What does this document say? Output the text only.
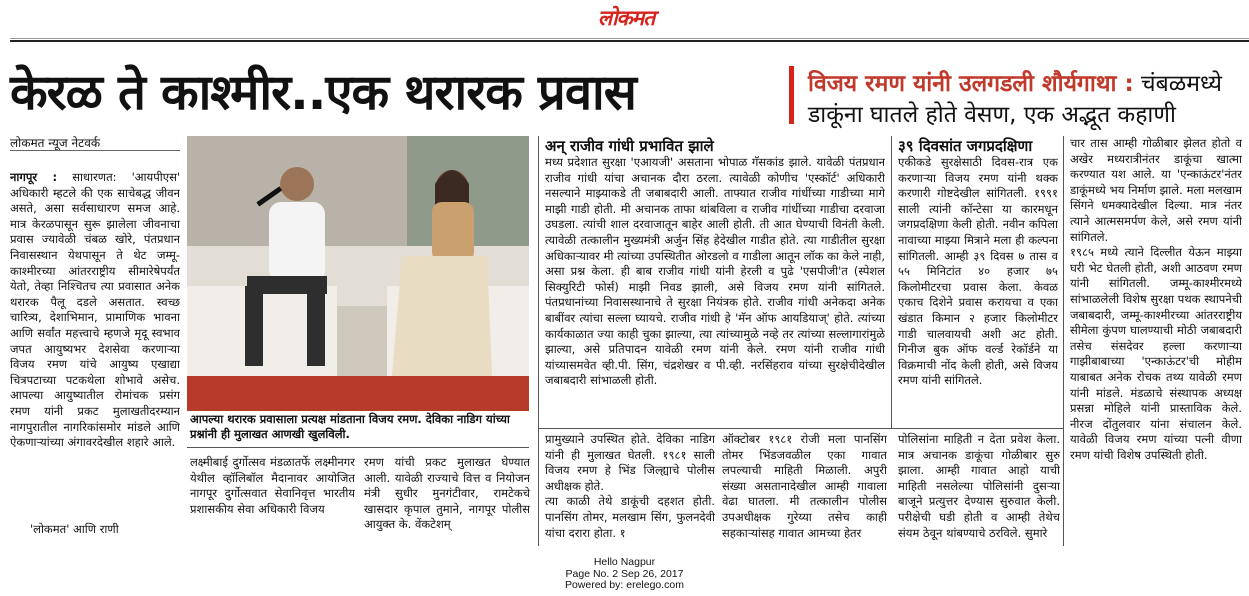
लोकमत
केरळ ते काश्मीर..एक थरारक प्रवास	विजय रमण यांनी उलगडली शौर्यगाथा : चंबळमध्ये
डाकूंना घातले होते वेसण, एक अद्भूत कहाणी
लोकमत न्यूज नेटवर्क
नागपूर : साधारणत: 'आयपीएस' अधिकारी म्हटले की एक साचेबद्ध जीवन असते, असा सर्वसाधारण समज आहे. मात्र केरळपासून सुरू झालेला जीवनाचा प्रवास ज्यावेळी चंबळ खोरे, पंतप्रधान निवासस्थान येथपासून ते थेट जम्मू-काश्मीरच्या आंतरराष्ट्रीय सीमारेषेपर्यंत येतो, तेव्हा निश्चितच त्या प्रवासात अनेक थरारक पैलू दडले असतात. स्वच्छ चारित्र्य, देशाभिमान, प्रामाणिक भावना आणि सर्वांत महत्त्वाचे म्हणजे मृदू स्वभाव जपत आयुष्यभर देशसेवा करणाऱ्या विजय रमण यांचे आयुष्य एखाद्या चित्रपटाच्या पटकथेला शोभावे असेच. आपल्या आयुष्यातील रोमांचक प्रसंग रमण यांनी प्रकट मुलाखतीदरम्यान नागपुरातील नागरिकांसमोर मांडले आणि ऐकणाऱ्यांच्या अंगावरदेखील शहारे आले.
'लोकमत' आणि राणी
आपल्या थरारक प्रवासाला प्रत्यक्ष मांडताना विजय रमण. देविका नाडिग यांच्या प्रश्नांनी ही मुलाखत आणखी खुलविली.
लक्ष्मीबाई दुर्गोत्सव मंडळातर्फे लक्ष्मीनगर येथील व्हॉलिबॉल मैदानावर आयोजित नागपूर दुर्गोत्सवात सेवानिवृत्त भारतीय प्रशासकीय सेवा अधिकारी विजय
रमण यांची प्रकट मुलाखत घेण्यात आली. यावेळी राज्याचे वित्त व नियोजन मंत्री सुधीर मुनगंटीवार, रामटेकचे खासदार कृपाल तुमाने, नागपूर पोलीस आयुक्त के. वेंकटेशम्
अन् राजीव गांधी प्रभावित झाले
मध्य प्रदेशात सुरक्षा 'एआयजी' असताना भोपाळ गॅसकांड झाले. यावेळी पंतप्रधान राजीव गांधी यांचा अचानक दौरा ठरला. त्यावेळी कोणीच 'एस्कॉर्ट' अधिकारी नसल्याने माझ्याकडे ती जबाबदारी आली. ताफ्यात राजीव गांधींच्या गाडीच्या मागे माझी गाडी होती. मी अचानक ताफा थांबविला व राजीव गांधींच्या गाडीचा दरवाजा उघडला. त्यांची शाल दरवाजातून बाहेर आली होती. ती आत घेण्याची विनंती केली. त्यावेळी तत्कालीन मुख्यमंत्री अर्जुन सिंह हेदेखील गाडीत होते. त्या गाडीतील सुरक्षा अधिकाऱ्यावर मी त्यांच्या उपस्थितीत ओरडलो व गाडीला आतून लॉक का केले नाही, असा प्रश्न केला. ही बाब राजीव गांधी यांनी हेरली व पुढे 'एसपीजी'त (स्पेशल सिक्युरिटी फोर्स) माझी निवड झाली, असे विजय रमण यांनी सांगितले. पंतप्रधानांच्या निवासस्थानाचे ते सुरक्षा नियंत्रक होते. राजीव गांधी अनेकदा अनेक बाबींवर त्यांचा सल्ला घ्यायचे. राजीव गांधी हे 'मॅन ऑफ आयडियाज्' होते. त्यांच्या कार्यकाळात ज्या काही चुका झाल्या, त्या त्यांच्यामुळे नव्हे तर त्यांच्या सल्लागारांमुळे झाल्या, असे प्रतिपादन यावेळी रमण यांनी केले. रमण यांनी राजीव गांधी यांच्यासमवेत व्ही.पी. सिंग, चंद्रशेखर व पी.व्ही. नरसिंहराव यांच्या सुरक्षेचीदेखील जबाबदारी सांभाळली होती.
३९ दिवसांत जगप्रदक्षिणा
एकीकडे सुरक्षेसाठी दिवस-रात्र एक करणाऱ्या विजय रमण यांनी थक्क करणारी गोष्टदेखील सांगितली. १९९१ साली त्यांनी कॉन्टेसा या कारमधून जगप्रदक्षिणा केली होती. नवीन कपिला नावाच्या माझ्या मित्राने मला ही कल्पना सांगितली. आम्ही ३९ दिवस ७ तास व ५५ मिनिटांत ४० हजार ७५ किलोमीटरचा प्रवास केला. केवळ एकाच दिशेने प्रवास करायचा व एका खंडात किमान २ हजार किलोमीटर गाडी चालवायची अशी अट होती. गिनीज बुक ऑफ वर्ल्ड रेकॉर्डने या विक्रमाची नोंद केली होती, असे विजय रमण यांनी सांगितले.
प्रामुख्याने उपस्थित होते. देविका नाडिग यांनी ही मुलाखत घेतली. १९८१ साली विजय रमण हे भिंड जिल्ह्याचे पोलीस अधीक्षक होते.
त्या काळी तेथे डाकूंची दहशत होती. पानसिंग तोमर, मलखाम सिंग, फुलनदेवी यांचा दरारा होता. १
ऑक्टोबर १९८१ रोजी मला पानसिंग तोमर भिंडजवळील एका गावात लपल्याची माहिती मिळाली. अपुरी संख्या असतानादेखील आम्ही गावाला वेढा घातला. मी तत्कालीन पोलीस उपअधीक्षक गुरेय्या तसेच काही सहकाऱ्यांसह गावात आमच्या हेतर
पोलिसांना माहिती न देता प्रवेश केला. मात्र अचानक डाकूंचा गोळीबार सुरु झाला. आम्ही गावात आहो याची माहिती नसलेल्या पोलिसांनी दुसऱ्या बाजूने प्रत्युत्तर देण्यास सुरुवात केली. परीक्षेची घडी होती व आम्ही तेथेच संयम ठेवून थांबण्याचे ठरविले. सुमारे
चार तास आम्ही गोळीबार झेलत होतो व अखेर मध्यरात्रीनंतर डाकूंचा खात्मा करण्यात यश आले. या 'एन्काऊंटर'नंतर डाकूंमध्ये भय निर्माण झाले. मला मलखाम सिंगने धमक्यादेखील दिल्या. मात्र नंतर त्याने आत्मसमर्पण केले, असे रमण यांनी सांगितले.
१९८५ मध्ये त्याने दिल्लीत येऊन माझ्या घरी भेट घेतली होती, अशी आठवण रमण यांनी सांगितली. जम्मू-काश्मीरमध्ये सांभाळलेली विशेष सुरक्षा पथक स्थापनेची जबाबदारी, जम्मू-काश्मीरच्या आंतरराष्ट्रीय सीमेला कुंपण घालण्याची मोठी जबाबदारी तसेच संसदेवर हल्ला करणाऱ्या गाझीबाबाच्या 'एन्काऊंटर'ची मोहीम याबाबत अनेक रोचक तथ्य यावेळी रमण यांनी मांडले. मंडळाचे संस्थापक अध्यक्ष प्रसन्ना मोहिले यांनी प्रास्ताविक केले. नीरज दोंतुलवार यांना संचालन केले. यावेळी विजय रमण यांच्या पत्नी वीणा रमण यांची विशेष उपस्थिती होती.
Hello Nagpur
Page No. 2 Sep 26, 2017
Powered by: erelego.com
